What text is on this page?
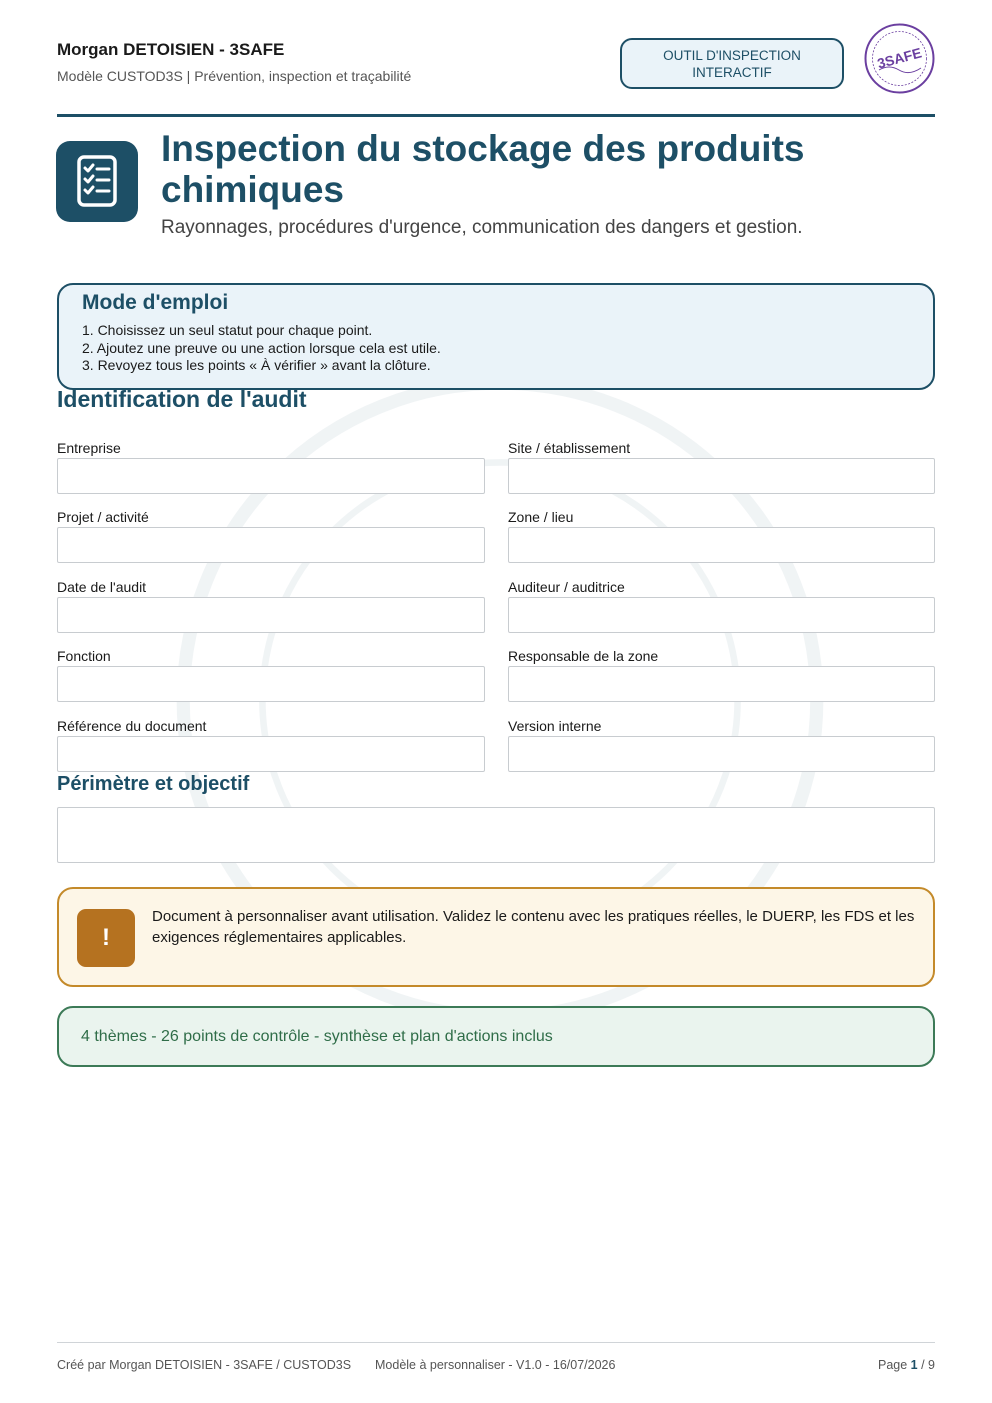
Morgan DETOISIEN - 3SAFE
Modèle CUSTOD3S | Prévention, inspection et traçabilité
OUTIL D'INSPECTION
INTERACTIF
3SAFE
Inspection du stockage des produits chimiques
Rayonnages, procédures d'urgence, communication des dangers et gestion.
Mode d'emploi
1. Choisissez un seul statut pour chaque point.
2. Ajoutez une preuve ou une action lorsque cela est utile.
3. Revoyez tous les points « À vérifier » avant la clôture.
Identification de l'audit
Entreprise	Site / établissement
Projet / activité	Zone / lieu
Date de l'audit	Auditeur / auditrice
Fonction	Responsable de la zone
Référence du document	Version interne
Périmètre et objectif
!
Document à personnaliser avant utilisation. Validez le contenu avec les pratiques réelles, le DUERP, les FDS et les exigences réglementaires applicables.
4 thèmes - 26 points de contrôle - synthèse et plan d'actions inclus
Créé par Morgan DETOISIEN - 3SAFE / CUSTOD3S Modèle à personnaliser - V1.0 - 16/07/2026	Page 1 / 9
